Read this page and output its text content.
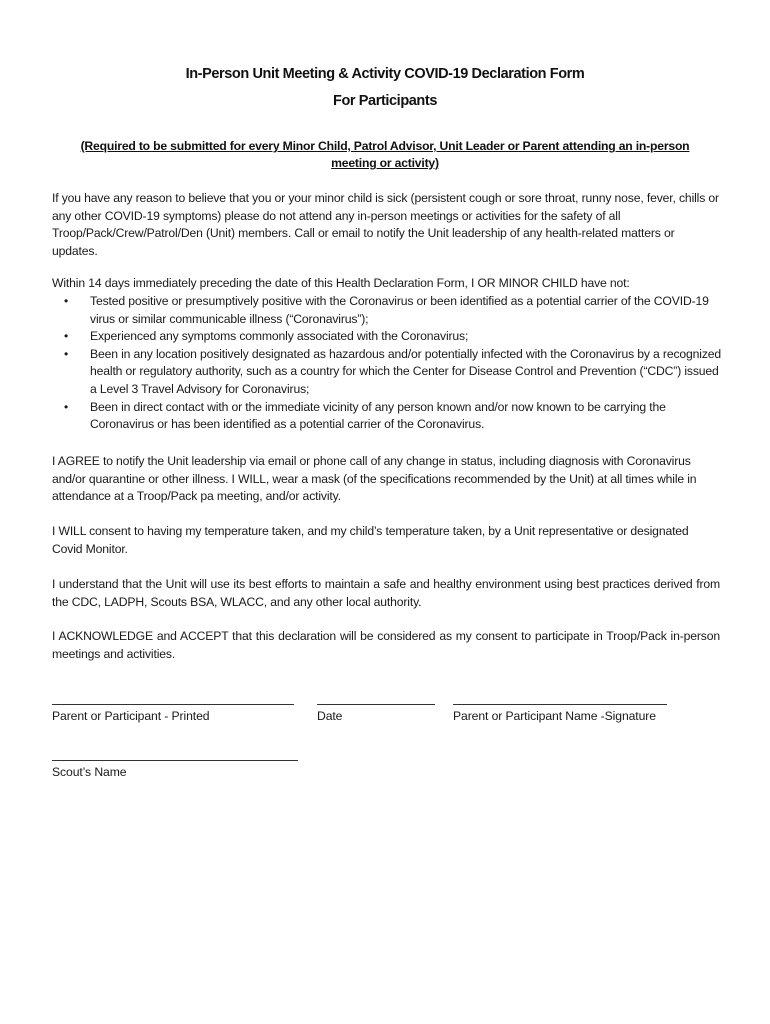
In-Person Unit Meeting & Activity COVID-19 Declaration Form
For Participants
(Required to be submitted for every Minor Child, Patrol Advisor, Unit Leader or Parent attending an in-person meeting or activity)

If you have any reason to believe that you or your minor child is sick (persistent cough or sore throat, runny nose, fever, chills or any other COVID-19 symptoms) please do not attend any in-person meetings or activities for the safety of all Troop/Pack/Crew/Patrol/Den (Unit) members. Call or email to notify the Unit leadership of any health-related matters or updates.

Within 14 days immediately preceding the date of this Health Declaration Form, I OR MINOR CHILD have not:

•	Tested positive or presumptively positive with the Coronavirus or been identified as a potential carrier of the COVID-19 virus or similar communicable illness (“Coronavirus”);
•	Experienced any symptoms commonly associated with the Coronavirus;
•	Been in any location positively designated as hazardous and/or potentially infected with the Coronavirus by a recognized health or regulatory authority, such as a country for which the Center for Disease Control and Prevention (“CDC”) issued a Level 3 Travel Advisory for Coronavirus;
•	Been in direct contact with or the immediate vicinity of any person known and/or now known to be carrying the Coronavirus or has been identified as a potential carrier of the Coronavirus.

I AGREE to notify the Unit leadership via email or phone call of any change in status, including diagnosis with Coronavirus and/or quarantine or other illness. I WILL, wear a mask (of the specifications recommended by the Unit) at all times while in attendance at a Troop/Pack pa meeting, and/or activity.

I WILL consent to having my temperature taken, and my child’s temperature taken, by a Unit representative or designated Covid Monitor.

I understand that the Unit will use its best efforts to maintain a safe and healthy environment using best practices derived from the CDC, LADPH, Scouts BSA, WLACC, and any other local authority.

I ACKNOWLEDGE and ACCEPT that this declaration will be considered as my consent to participate in Troop/Pack in-person meetings and activities.

Parent or Participant - Printed	Date	Parent or Participant Name -Signature
Scout’s Name
